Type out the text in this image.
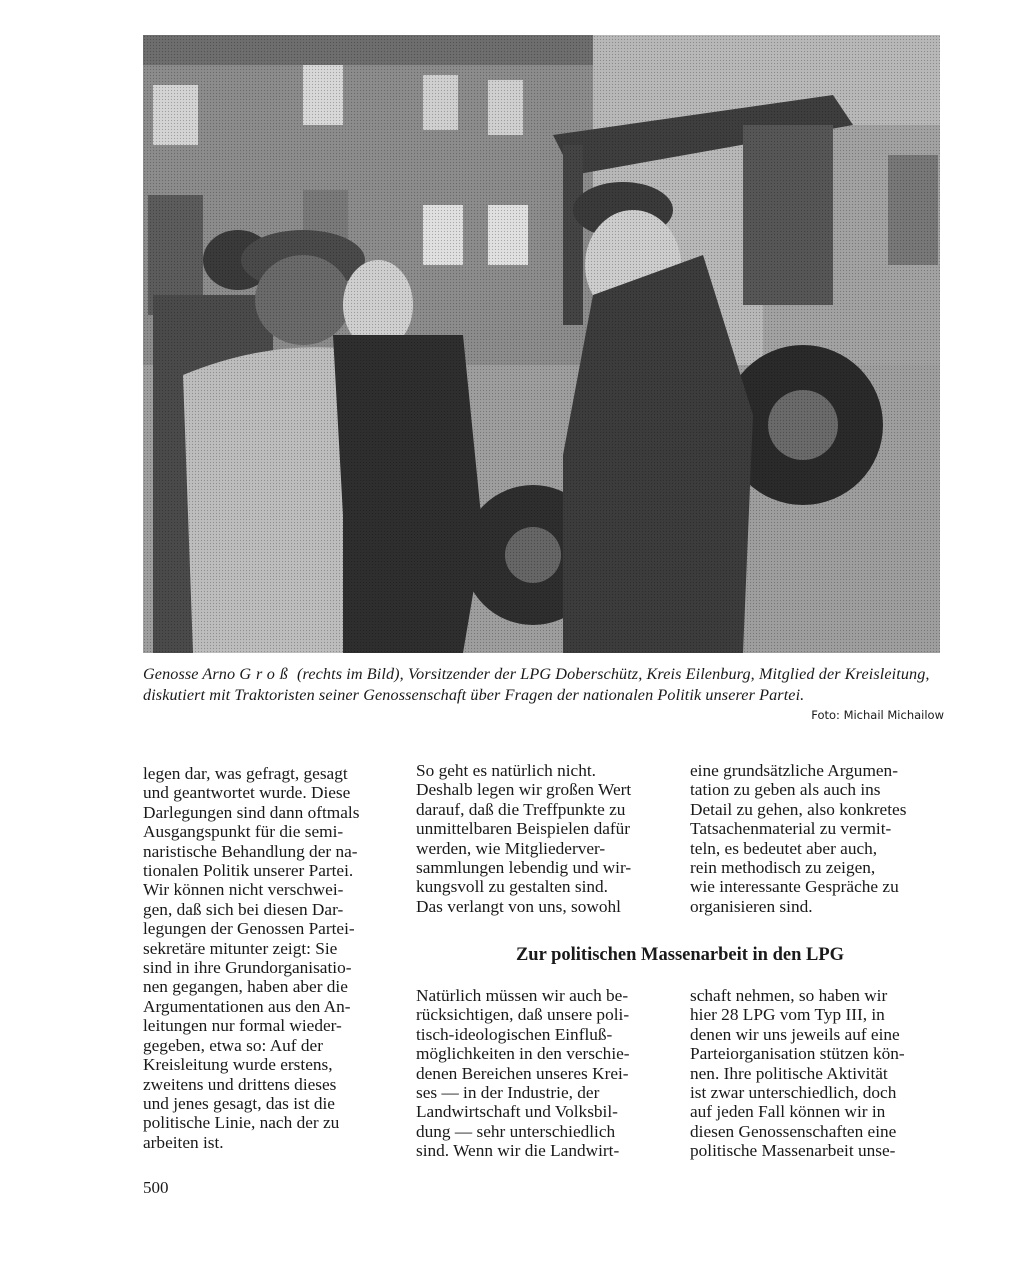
Genosse Arno Groß (rechts im Bild), Vorsitzender der LPG Doberschütz, Kreis Eilenburg, Mitglied der Kreisleitung, diskutiert mit Traktoristen seiner Genossenschaft über Fragen der nationalen Politik unserer Partei.
Foto: Michail Michailow
legen dar, was gefragt, gesagt
und geantwortet wurde. Diese
Darlegungen sind dann oftmals
Ausgangspunkt für die semi-
naristische Behandlung der na-
tionalen Politik unserer Partei.
Wir können nicht verschwei-
gen, daß sich bei diesen Dar-
legungen der Genossen Partei-
sekretäre mitunter zeigt: Sie
sind in ihre Grundorganisatio-
nen gegangen, haben aber die
Argumentationen aus den An-
leitungen nur formal wieder-
gegeben, etwa so: Auf der
Kreisleitung wurde erstens,
zweitens und drittens dieses
und jenes gesagt, das ist die
politische Linie, nach der zu
arbeiten ist.
So geht es natürlich nicht.
Deshalb legen wir großen Wert
darauf, daß die Treffpunkte zu
unmittelbaren Beispielen dafür
werden, wie Mitgliederver-
sammlungen lebendig und wir-
kungsvoll zu gestalten sind.
Das verlangt von uns, sowohl
eine grundsätzliche Argumen-
tation zu geben als auch ins
Detail zu gehen, also konkretes
Tatsachenmaterial zu vermit-
teln, es bedeutet aber auch,
rein methodisch zu zeigen,
wie interessante Gespräche zu
organisieren sind.
Zur politischen Massenarbeit in den LPG
Natürlich müssen wir auch be-
rücksichtigen, daß unsere poli-
tisch-ideologischen Einfluß-
möglichkeiten in den verschie-
denen Bereichen unseres Krei-
ses — in der Industrie, der
Landwirtschaft und Volksbil-
dung — sehr unterschiedlich
sind. Wenn wir die Landwirt-
schaft nehmen, so haben wir
hier 28 LPG vom Typ III, in
denen wir uns jeweils auf eine
Parteiorganisation stützen kön-
nen. Ihre politische Aktivität
ist zwar unterschiedlich, doch
auf jeden Fall können wir in
diesen Genossenschaften eine
politische Massenarbeit unse-
500
